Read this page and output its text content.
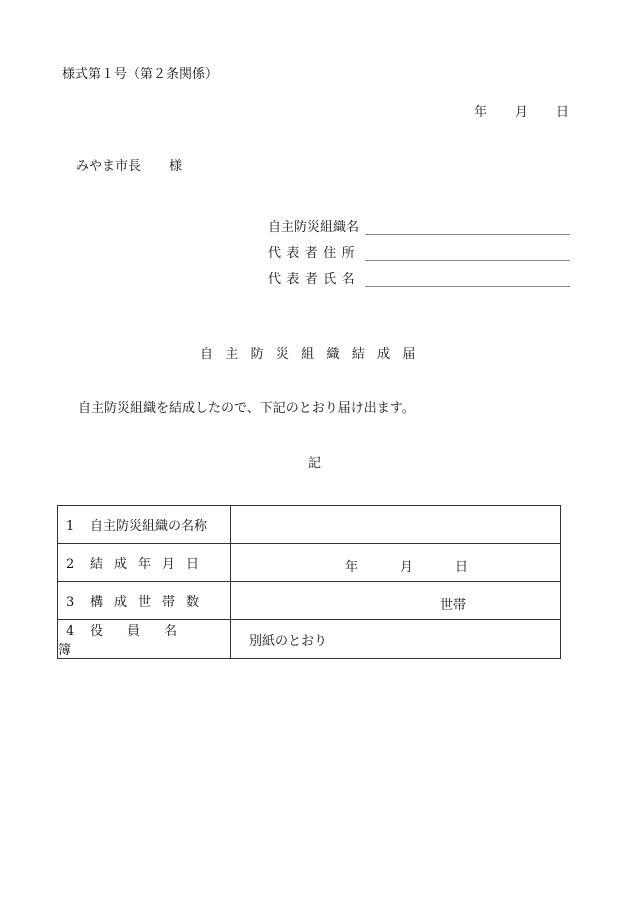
様式第１号（第２条関係）
年 月 日
みやま市長 様
自主防災組織名
代表者住所
代表者氏名
自主防災組織結成届
自主防災組織を結成したので、下記のとおり届け出ます。
記
1 自主防災組織の名称	
2 結成年月日	年 月 日

3 構成世帯数	世帯

4 役員名簿	別紙のとおり
